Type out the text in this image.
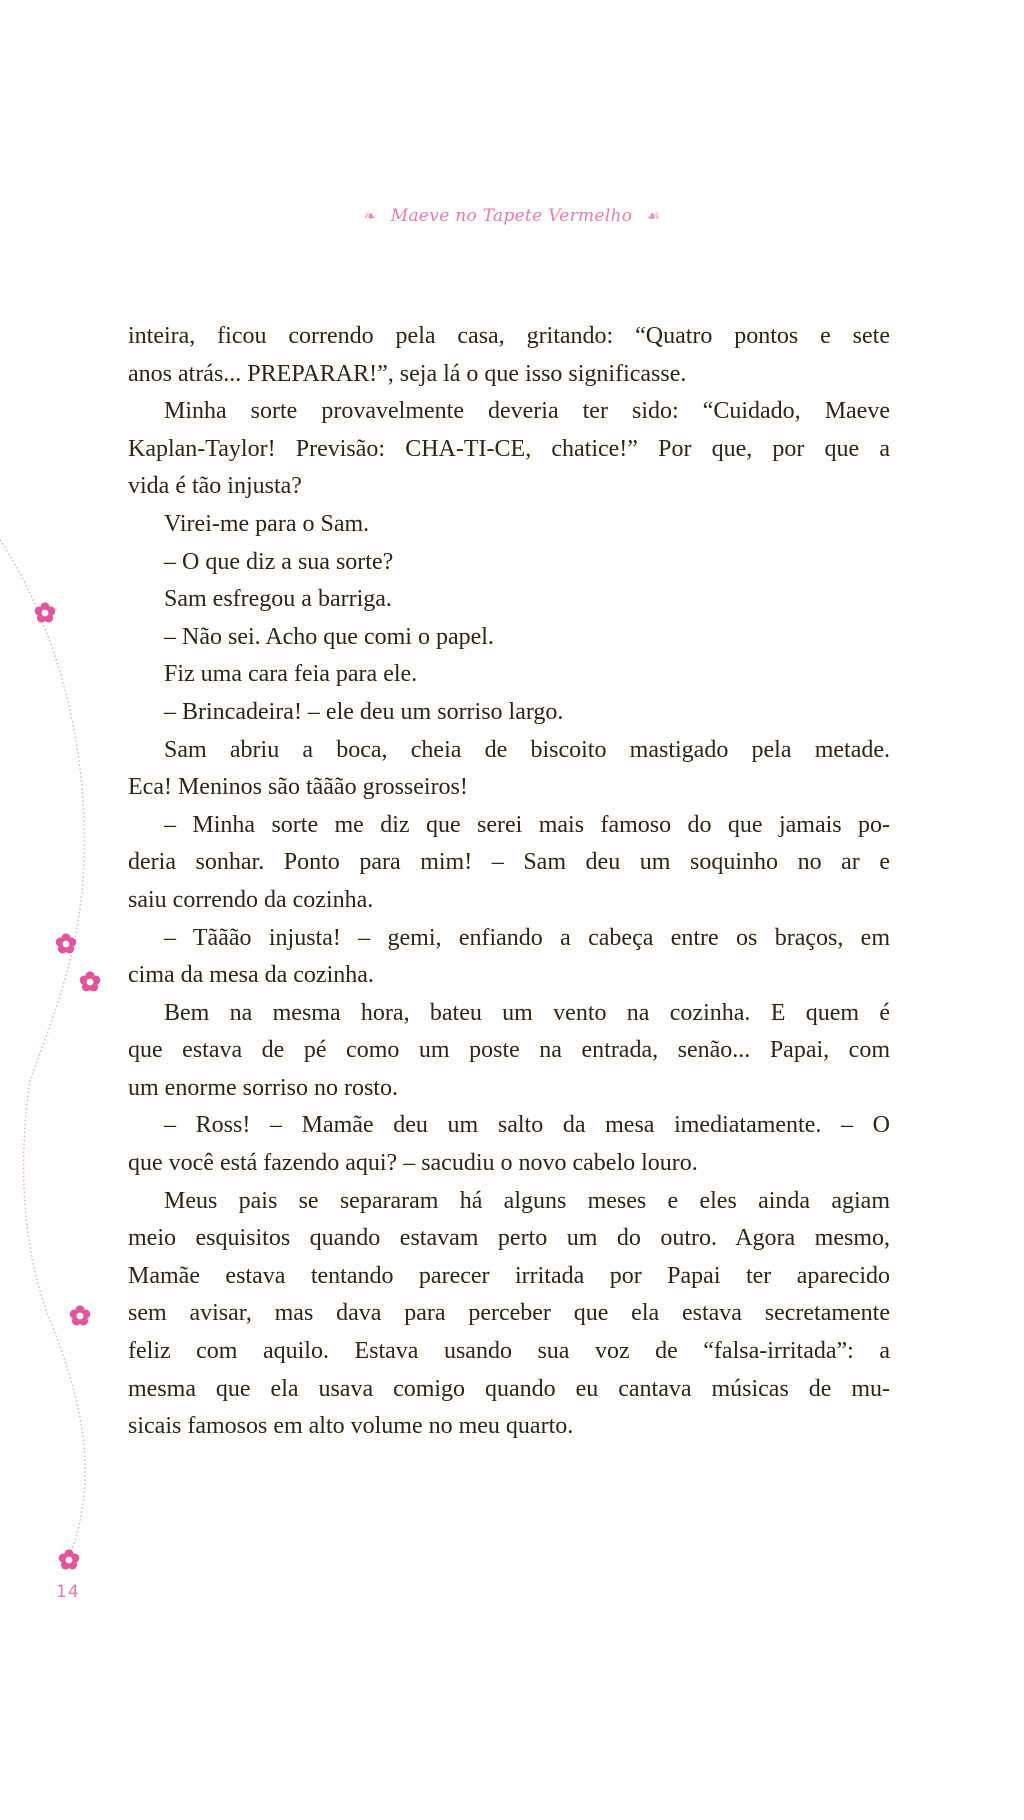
❧ Maeve no Tapete Vermelho ☙
inteira, ficou correndo pela casa, gritando: “Quatro pontos e sete
anos atrás... PREPARAR!”, seja lá o que isso significasse.
Minha sorte provavelmente deveria ter sido: “Cuidado, Maeve
Kaplan-Taylor! Previsão: CHA-TI-CE, chatice!” Por que, por que a
vida é tão injusta?
Virei-me para o Sam.
– O que diz a sua sorte?
Sam esfregou a barriga.
– Não sei. Acho que comi o papel.
Fiz uma cara feia para ele.
– Brincadeira! – ele deu um sorriso largo.
Sam abriu a boca, cheia de biscoito mastigado pela metade.
Eca! Meninos são tããão grosseiros!
– Minha sorte me diz que serei mais famoso do que jamais po-
deria sonhar. Ponto para mim! – Sam deu um soquinho no ar e
saiu correndo da cozinha.
– Tããão injusta! – gemi, enfiando a cabeça entre os braços, em
cima da mesa da cozinha.
Bem na mesma hora, bateu um vento na cozinha. E quem é
que estava de pé como um poste na entrada, senão... Papai, com
um enorme sorriso no rosto.
– Ross! – Mamãe deu um salto da mesa imediatamente. – O
que você está fazendo aqui? – sacudiu o novo cabelo louro.
Meus pais se separaram há alguns meses e eles ainda agiam
meio esquisitos quando estavam perto um do outro. Agora mesmo,
Mamãe estava tentando parecer irritada por Papai ter aparecido
sem avisar, mas dava para perceber que ela estava secretamente
feliz com aquilo. Estava usando sua voz de “falsa-irritada”: a
mesma que ela usava comigo quando eu cantava músicas de mu-
sicais famosos em alto volume no meu quarto.
14
